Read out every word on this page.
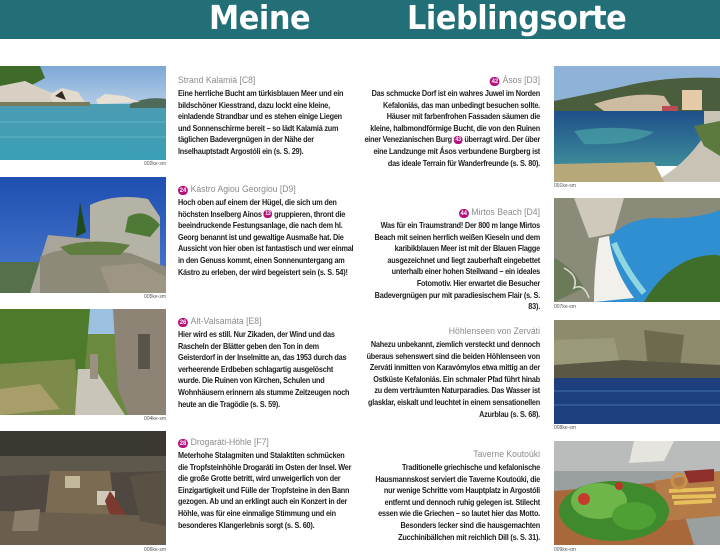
Meine	Lieblingsorte
002ke-sm
005ke-sm
004ke-sm
006ke-sm
Strand Kalamiá [C8]
Eine herrliche Bucht am türkisblauen Meer und ein bildschöner Kiesstrand, dazu lockt eine kleine, einladende Strandbar und es stehen einige Liegen und Sonnenschirme bereit – so lädt Kalamiá zum täglichen Badevergnügen in der Nähe der Inselhauptstadt Argostóli ein (s. S. 29).
24 Kástro Agiou Georgiou [D9]
Hoch oben auf einem der Hügel, die sich um den höchsten Inselberg Ainos 13 gruppieren, thront die beeindruckende Festungsanlage, die nach dem hl. Georg benannt ist und gewaltige Ausmaße hat. Die Aussicht von hier oben ist fantastisch und wer einmal in den Genuss kommt, einen Sonnenuntergang am Kástro zu erleben, der wird begeistert sein (s. S. 54)!
26 Alt-Valsamáta [E8]
Hier wird es still. Nur Zikaden, der Wind und das Rascheln der Blätter geben den Ton in dem Geisterdorf in der Inselmitte an, das 1953 durch das verheerende Erdbeben schlagartig ausgelöscht wurde. Die Ruinen von Kirchen, Schulen und Wohnhäusern erinnern als stumme Zeitzeugen noch heute an die Tragödie (s. S. 59).
28 Drogaráti-Höhle [F7]
Meterhohe Stalagmiten und Stalaktiten schmücken die Tropfsteinhöhle Drogaráti im Osten der Insel. Wer die große Grotte betritt, wird unweigerlich von der Einzigartigkeit und Fülle der Tropfsteine in den Bann gezogen. Ab und an erklingt auch ein Konzert in der Höhle, was für eine einmalige Stimmung und ein besonderes Klangerlebnis sorgt (s. S. 60).
42 Ásos [D3]
Das schmucke Dorf ist ein wahres Juwel im Norden Kefaloniás, das man unbedingt besuchen sollte. Häuser mit farbenfrohen Fassaden säumen die kleine, halbmondförmige Bucht, die von den Ruinen einer Venezianischen Burg 43 überragt wird. Der über eine Landzunge mit Ásos verbundene Burgberg ist das ideale Terrain für Wanderfreunde (s. S. 80).
44 Mirtos Beach [D4]
Was für ein Traumstrand! Der 800 m lange Mirtos Beach mit seinen herrlich weißen Kieseln und dem karibikblauen Meer ist mit der Blauen Flagge ausgezeichnet und liegt zauberhaft eingebettet unterhalb einer hohen Steilwand – ein ideales Fotomotiv. Hier erwartet die Besucher Badevergnügen pur mit paradiesischem Flair (s. S. 83).
Höhlenseen von Zerváti
Nahezu unbekannt, ziemlich versteckt und dennoch überaus sehenswert sind die beiden Höhlenseen von Zerváti inmitten von Karavómylos etwa mittig an der Ostküste Kefaloniás. Ein schmaler Pfad führt hinab zu dem verträumten Naturparadies. Das Wasser ist glasklar, eiskalt und leuchtet in einem sensationellen Azurblau (s. S. 68).
Taverne Koutoúki
Traditionelle griechische und kefalonische Hausmannskost serviert die Taverne Koutoúki, die nur wenige Schritte vom Hauptplatz in Argostóli entfernt und dennoch ruhig gelegen ist. Stilecht essen wie die Griechen – so lautet hier das Motto. Besonders lecker sind die hausgemachten Zucchinibällchen mit reichlich Dill (s. S. 31).
091ke-sm
007ke-sm
008ke-sm
009ke-sm
